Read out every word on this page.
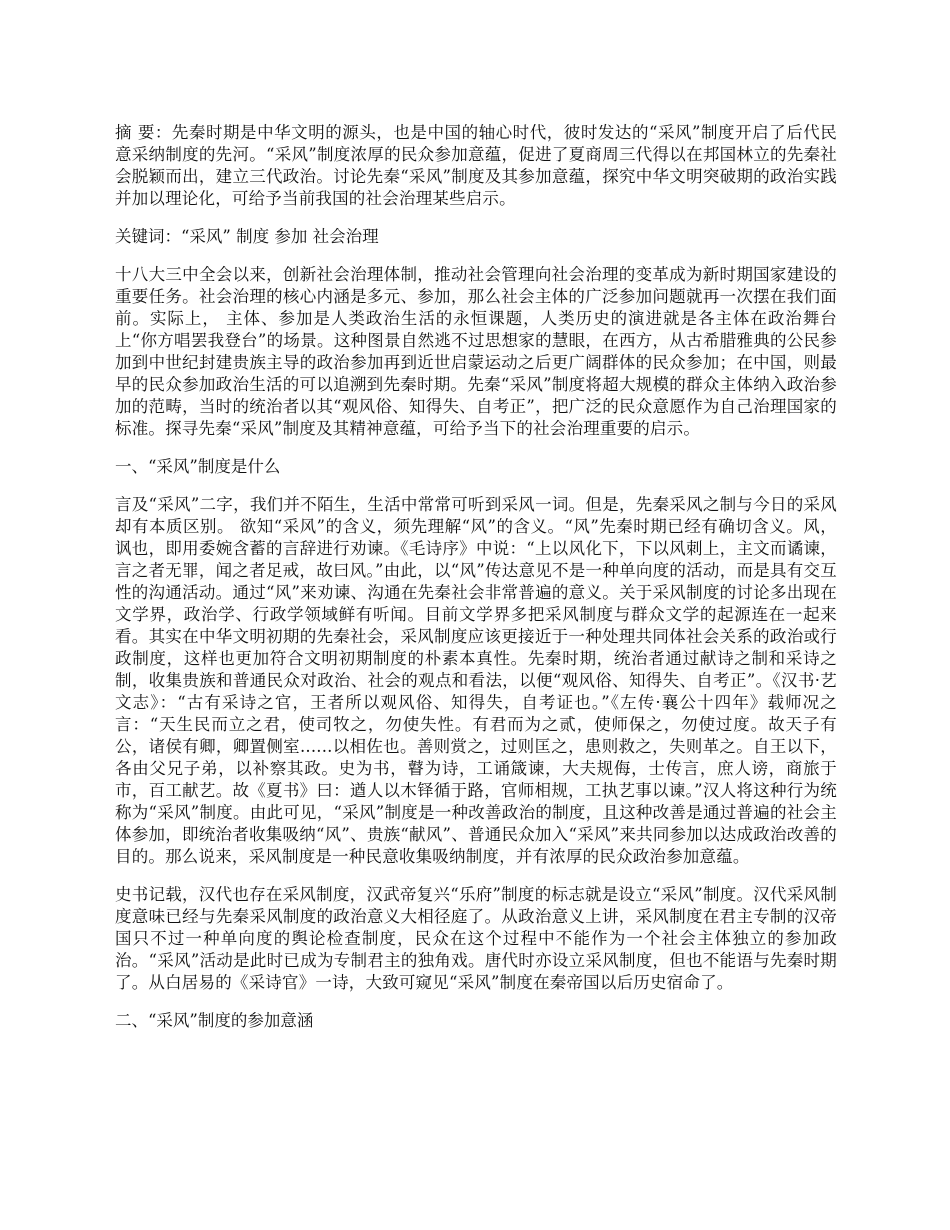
摘 要：先秦时期是中华文明的源头，也是中国的轴心时代，彼时发达的“采风”制度开启了后代民意采纳制度的先河。“采风”制度浓厚的民众参加意蕴，促进了夏商周三代得以在邦国林立的先秦社会脱颖而出，建立三代政治。讨论先秦“采风”制度及其参加意蕴，探究中华文明突破期的政治实践并加以理论化，可给予当前我国的社会治理某些启示。

关键词：“采风” 制度 参加 社会治理

十八大三中全会以来，创新社会治理体制，推动社会管理向社会治理的变革成为新时期国家建设的重要任务。社会治理的核心内涵是多元、参加，那么社会主体的广泛参加问题就再一次摆在我们面前。实际上， 主体、参加是人类政治生活的永恒课题，人类历史的演进就是各主体在政治舞台上“你方唱罢我登台”的场景。这种图景自然逃不过思想家的慧眼，在西方，从古希腊雅典的公民参加到中世纪封建贵族主导的政治参加再到近世启蒙运动之后更广阔群体的民众参加；在中国，则最早的民众参加政治生活的可以追溯到先秦时期。先秦“采风”制度将超大规模的群众主体纳入政治参加的范畴，当时的统治者以其“观风俗、知得失、自考正”，把广泛的民众意愿作为自己治理国家的标准。探寻先秦“采风”制度及其精神意蕴，可给予当下的社会治理重要的启示。

一、“采风”制度是什么

言及“采风”二字，我们并不陌生，生活中常常可听到采风一词。但是，先秦采风之制与今日的采风却有本质区别。 欲知“采风”的含义，须先理解“风”的含义。“风”先秦时期已经有确切含义。风，讽也，即用委婉含蓄的言辞进行劝谏。《毛诗序》中说：“上以风化下，下以风刺上，主文而谲谏，言之者无罪，闻之者足戒，故曰风。”由此，以“风”传达意见不是一种单向度的活动，而是具有交互性的沟通活动。通过“风”来劝谏、沟通在先秦社会非常普遍的意义。关于采风制度的讨论多出现在文学界，政治学、行政学领域鲜有听闻。目前文学界多把采风制度与群众文学的起源连在一起来看。其实在中华文明初期的先秦社会，采风制度应该更接近于一种处理共同体社会关系的政治或行政制度，这样也更加符合文明初期制度的朴素本真性。先秦时期，统治者通过献诗之制和采诗之制，收集贵族和普通民众对政治、社会的观点和看法，以便“观风俗、知得失、自考正”。《汉书·艺文志》：“古有采诗之官，王者所以观风俗、知得失，自考证也。”《左传·襄公十四年》载师况之言：“天生民而立之君，使司牧之，勿使失性。有君而为之贰，使师保之，勿使过度。故天子有公，诸侯有卿，卿置侧室......以相佐也。善则赏之，过则匡之，患则救之，失则革之。自王以下，各由父兄子弟，以补察其政。史为书，瞽为诗，工诵箴谏，大夫规侮，士传言，庶人谤，商旅于市，百工献艺。故《夏书》曰：遒人以木铎循于路，官师相规，工执艺事以谏。”汉人将这种行为统称为“采风”制度。由此可见，“采风”制度是一种改善政治的制度，且这种改善是通过普遍的社会主体参加，即统治者收集吸纳“风”、贵族“献风”、普通民众加入“采风”来共同参加以达成政治改善的目的。那么说来，采风制度是一种民意收集吸纳制度，并有浓厚的民众政治参加意蕴。

史书记载，汉代也存在采风制度，汉武帝复兴“乐府”制度的标志就是设立“采风”制度。汉代采风制度意味已经与先秦采风制度的政治意义大相径庭了。从政治意义上讲，采风制度在君主专制的汉帝国只不过一种单向度的舆论检查制度，民众在这个过程中不能作为一个社会主体独立的参加政治。“采风”活动是此时已成为专制君主的独角戏。唐代时亦设立采风制度，但也不能语与先秦时期了。从白居易的《采诗官》一诗，大致可窥见“采风”制度在秦帝国以后历史宿命了。

二、“采风”制度的参加意涵
